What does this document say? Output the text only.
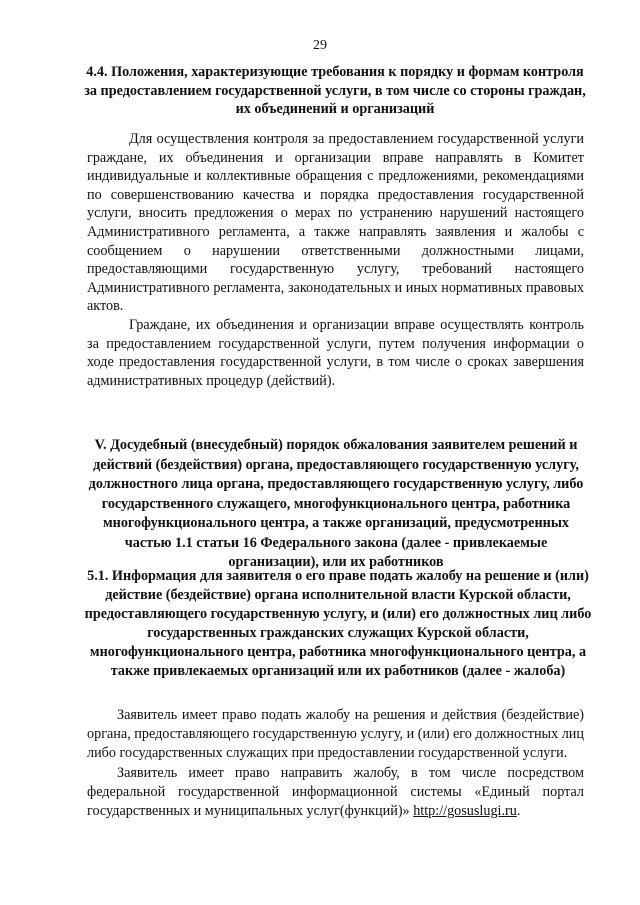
29
4.4. Положения, характеризующие требования к порядку и формам контроля за предоставлением государственной услуги, в том числе со стороны граждан, их объединений и организаций

Для осуществления контроля за предоставлением государственной услуги граждане, их объединения и организации вправе направлять в Комитет индивидуальные и коллективные обращения с предложениями, рекомендациями по совершенствованию качества и порядка предоставления государственной услуги, вносить предложения о мерах по устранению нарушений настоящего Административного регламента, а также направлять заявления и жалобы с сообщением о нарушении ответственными должностными лицами, предоставляющими государственную услугу, требований настоящего Административного регламента, законодательных и иных нормативных правовых актов.

Граждане, их объединения и организации вправе осуществлять контроль за предоставлением государственной услуги, путем получения информации о ходе предоставления государственной услуги, в том числе о сроках завершения административных процедур (действий).

V. Досудебный (внесудебный) порядок обжалования заявителем решений и действий (бездействия) органа, предоставляющего государственную услугу, должностного лица органа, предоставляющего государственную услугу, либо государственного служащего, многофункционального центра, работника многофункционального центра, а также организаций, предусмотренных частью 1.1 статьи 16 Федерального закона (далее - привлекаемые организации), или их работников
5.1. Информация для заявителя о его праве подать жалобу на решение и (или) действие (бездействие) органа исполнительной власти Курской области, предоставляющего государственную услугу, и (или) его должностных лиц либо государственных гражданских служащих Курской области, многофункционального центра, работника многофункционального центра, а также привлекаемых организаций или их работников (далее - жалоба)

Заявитель имеет право подать жалобу на решения и действия (бездействие) органа, предоставляющего государственную услугу, и (или) его должностных лиц либо государственных служащих при предоставлении государственной услуги.

Заявитель имеет право направить жалобу, в том числе посредством федеральной государственной информационной системы «Единый портал государственных и муниципальных услуг(функций)» http://gosuslugi.ru.
